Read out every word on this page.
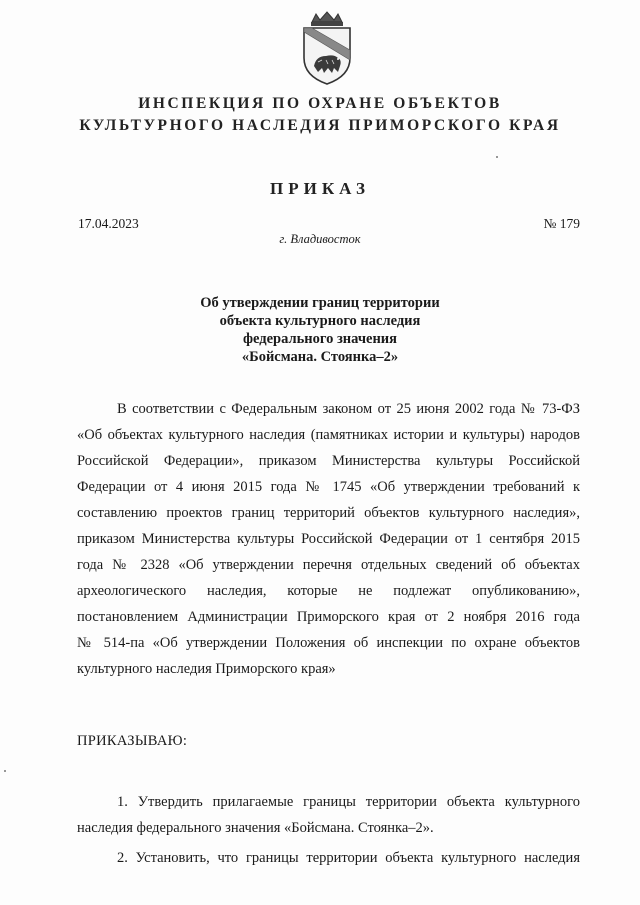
ИНСПЕКЦИЯ ПО ОХРАНЕ ОБЪЕКТОВ
КУЛЬТУРНОГО НАСЛЕДИЯ ПРИМОРСКОГО КРАЯ
ПРИКАЗ
17.04.2023	№ 179
г. Владивосток
Об утверждении границ территории
объекта культурного наследия
федерального значения
«Бойсмана. Стоянка–2»
В соответствии с Федеральным законом от 25 июня 2002 года № 73-ФЗ
«Об объектах культурного наследия (памятниках истории и культуры) народов
Российской Федерации», приказом Министерства культуры Российской
Федерации от 4 июня 2015 года № 1745 «Об утверждении требований к
составлению проектов границ территорий объектов культурного наследия»,
приказом Министерства культуры Российской Федерации от 1 сентября 2015
года № 2328 «Об утверждении перечня отдельных сведений об объектах
археологического наследия, которые не подлежат опубликованию»,
постановлением Администрации Приморского края от 2 ноября 2016 года
№ 514-па «Об утверждении Положения об инспекции по охране объектов
культурного наследия Приморского края»
ПРИКАЗЫВАЮ:
1. Утвердить прилагаемые границы территории объекта культурного
наследия федерального значения «Бойсмана. Стоянка–2».
2. Установить, что границы территории объекта культурного наследия
